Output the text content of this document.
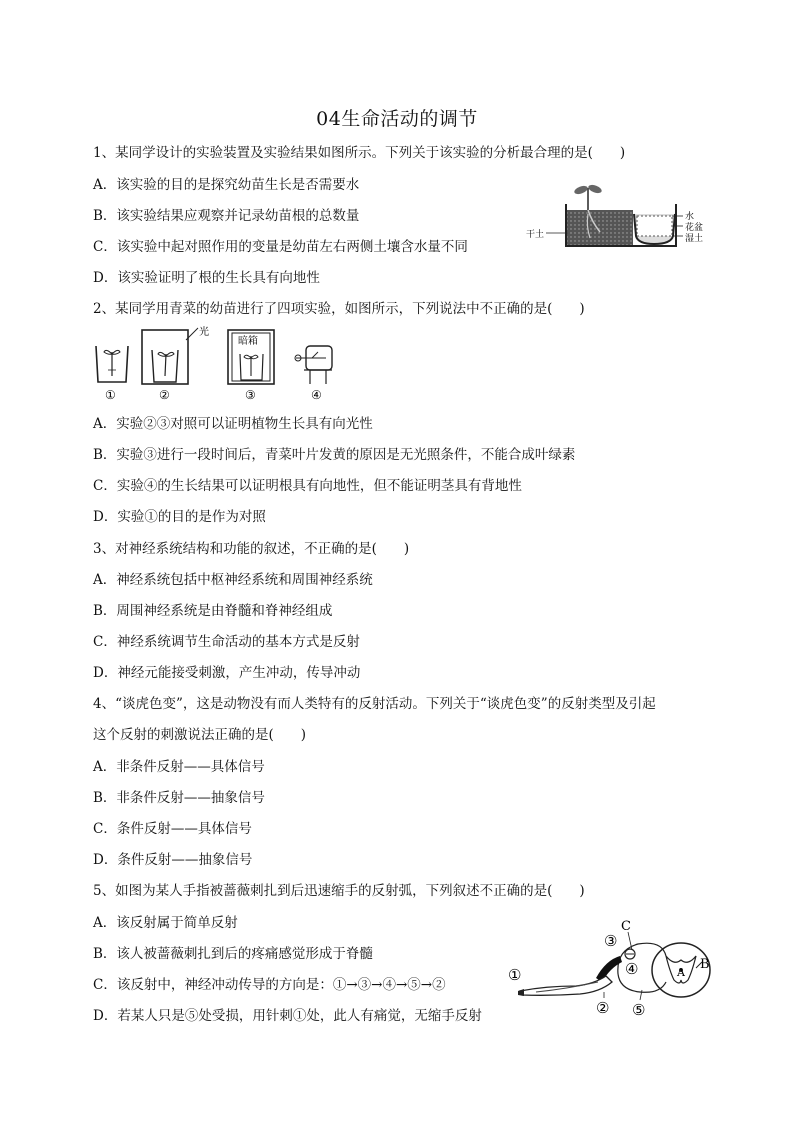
04生命活动的调节
1、某同学设计的实验装置及实验结果如图所示。下列关于该实验的分析最合理的是(　　)
A．该实验的目的是探究幼苗生长是否需要水
B．该实验结果应观察并记录幼苗根的总数量
C．该实验中起对照作用的变量是幼苗左右两侧土壤含水量不同
D．该实验证明了根的生长具有向地性
干土
水
花盆
湿土
2、某同学用青菜的幼苗进行了四项实验，如图所示，下列说法中不正确的是(　　)
光
暗箱
①	②	③	④
A．实验②③对照可以证明植物生长具有向光性
B．实验③进行一段时间后，青菜叶片发黄的原因是无光照条件，不能合成叶绿素
C．实验④的生长结果可以证明根具有向地性，但不能证明茎具有背地性
D．实验①的目的是作为对照
3、对神经系统结构和功能的叙述，不正确的是(　　)
A．神经系统包括中枢神经系统和周围神经系统
B．周围神经系统是由脊髓和脊神经组成
C．神经系统调节生命活动的基本方式是反射
D．神经元能接受刺激，产生冲动，传导冲动
4、“谈虎色变”，这是动物没有而人类特有的反射活动。下列关于“谈虎色变”的反射类型及引起
这个反射的刺激说法正确的是(　　)
A．非条件反射——具体信号
B．非条件反射——抽象信号
C．条件反射——具体信号
D．条件反射——抽象信号
5、如图为某人手指被蔷薇刺扎到后迅速缩手的反射弧，下列叙述不正确的是(　　)
A．该反射属于简单反射
B．该人被蔷薇刺扎到后的疼痛感觉形成于脊髓
C．该反射中，神经冲动传导的方向是：①→③→④→⑤→②
D．若某人只是⑤处受损，用针刺①处，此人有痛觉，无缩手反射
③
C
①	④	A
B
② ⑤
